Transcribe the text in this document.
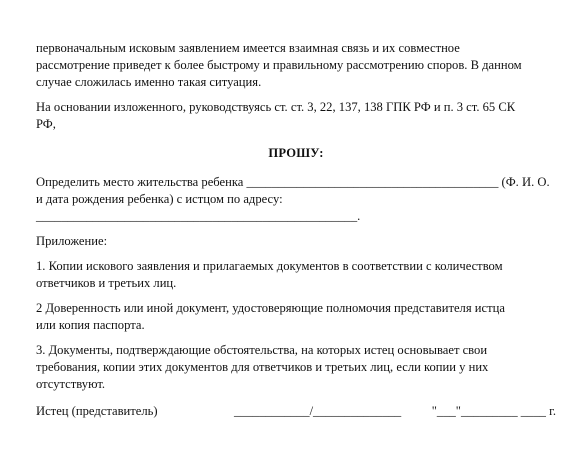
первоначальным исковым заявлением имеется взаимная связь и их совместное
рассмотрение приведет к более быстрому и правильному рассмотрению споров. В данном
случае сложилась именно такая ситуация.

На основании изложенного, руководствуясь ст. ст. 3, 22, 137, 138 ГПК РФ и п. 3 ст. 65 СК
РФ,

ПРОШУ:

Определить место жительства ребенка ________________________________________ (Ф. И. О.
и дата рождения ребенка) с истцом по адресу:
___________________________________________________.

Приложение:

1. Копии искового заявления и прилагаемых документов в соответствии с количеством
ответчиков и третьих лиц.

2 Доверенность или иной документ, удостоверяющие полномочия представителя истца
или копия паспорта.

3. Документы, подтверждающие обстоятельства, на которых истец основывает свои
требования, копии этих документов для ответчиков и третьих лиц, если копии у них
отсутствуют.

Истец (представитель)	____________/______________	"___"_________ ____ г.
